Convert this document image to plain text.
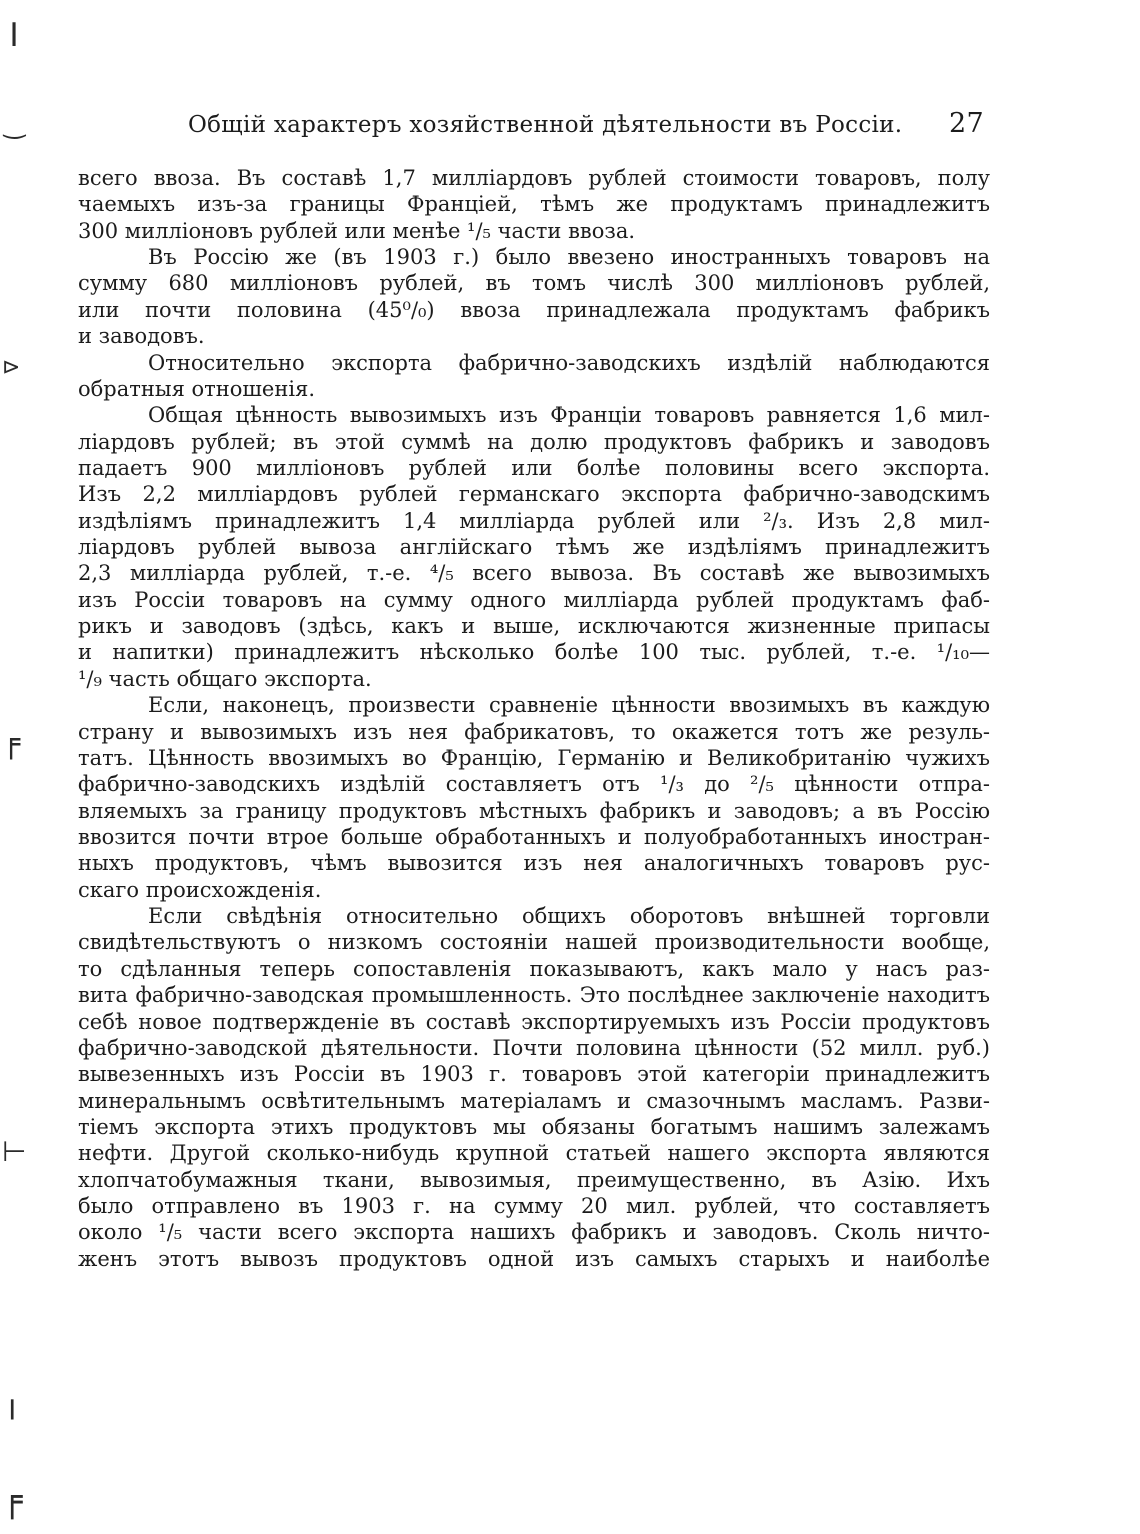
Общій характеръ хозяйственной дѣятельности въ Россіи. 27
╷
‿
⊳
╒
⊢
╷
╒
всего ввоза. Въ составѣ 1,7 милліардовъ рублей стоимости товаровъ, полу
чаемыхъ изъ-за границы Франціей, тѣмъ же продуктамъ принадлежитъ
300 милліоновъ рублей или менѣе ¹/₅ части ввоза.
Въ Россію же (въ 1903 г.) было ввезено иностранныхъ товаровъ на
сумму 680 милліоновъ рублей, въ томъ числѣ 300 милліоновъ рублей,
или почти половина (45⁰/₀) ввоза принадлежала продуктамъ фабрикъ
и заводовъ.
Относительно экспорта фабрично-заводскихъ издѣлій наблюдаются
обратныя отношенія.
Общая цѣнность вывозимыхъ изъ Франціи товаровъ равняется 1,6 мил-
ліардовъ рублей; въ этой суммѣ на долю продуктовъ фабрикъ и заводовъ
падаетъ 900 милліоновъ рублей или болѣе половины всего экспорта.
Изъ 2,2 милліардовъ рублей германскаго экспорта фабрично-заводскимъ
издѣліямъ принадлежитъ 1,4 милліарда рублей или ²/₃. Изъ 2,8 мил-
ліардовъ рублей вывоза англійскаго тѣмъ же издѣліямъ принадлежитъ
2,3 милліарда рублей, т.-е. ⁴/₅ всего вывоза. Въ составѣ же вывозимыхъ
изъ Россіи товаровъ на сумму одного милліарда рублей продуктамъ фаб-
рикъ и заводовъ (здѣсь, какъ и выше, исключаются жизненные припасы
и напитки) принадлежитъ нѣсколько болѣе 100 тыс. рублей, т.-е. ¹/₁₀—
¹/₉ часть общаго экспорта.
Если, наконецъ, произвести сравненіе цѣнности ввозимыхъ въ каждую
страну и вывозимыхъ изъ нея фабрикатовъ, то окажется тотъ же резуль-
татъ. Цѣнность ввозимыхъ во Францію, Германію и Великобританію чужихъ
фабрично-заводскихъ издѣлій составляетъ отъ ¹/₃ до ²/₅ цѣнности отпра-
вляемыхъ за границу продуктовъ мѣстныхъ фабрикъ и заводовъ; а въ Россію
ввозится почти втрое больше обработанныхъ и полуобработанныхъ иностран-
ныхъ продуктовъ, чѣмъ вывозится изъ нея аналогичныхъ товаровъ рус-
скаго происхожденія.
Если свѣдѣнія относительно общихъ оборотовъ внѣшней торговли
свидѣтельствуютъ о низкомъ состояніи нашей производительности вообще,
то сдѣланныя теперь сопоставленія показываютъ, какъ мало у насъ раз-
вита фабрично-заводская промышленность. Это послѣднее заключеніе находитъ
себѣ новое подтвержденіе въ составѣ экспортируемыхъ изъ Россіи продуктовъ
фабрично-заводской дѣятельности. Почти половина цѣнности (52 милл. руб.)
вывезенныхъ изъ Россіи въ 1903 г. товаровъ этой категоріи принадлежитъ
минеральнымъ освѣтительнымъ матеріаламъ и смазочнымъ масламъ. Разви-
тіемъ экспорта этихъ продуктовъ мы обязаны богатымъ нашимъ залежамъ
нефти. Другой сколько-нибудь крупной статьей нашего экспорта являются
хлопчатобумажныя ткани, вывозимыя, преимущественно, въ Азію. Ихъ
было отправлено въ 1903 г. на сумму 20 мил. рублей, что составляетъ
около ¹/₅ части всего экспорта нашихъ фабрикъ и заводовъ. Сколь ничто-
женъ этотъ вывозъ продуктовъ одной изъ самыхъ старыхъ и наиболѣе
